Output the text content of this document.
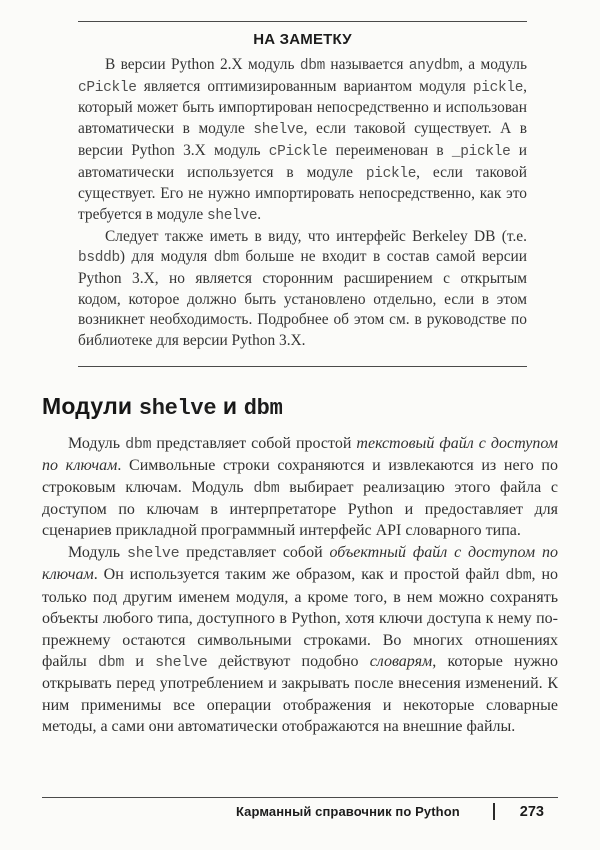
НА ЗАМЕТКУ

В версии Python 2.X модуль dbm называется anydbm, а модуль cPickle является оптимизированным вариантом модуля pickle, который может быть импортирован непосредственно и использован автоматически в модуле shelve, если таковой существует. А в версии Python 3.X модуль cPickle переименован в _pickle и автоматически используется в модуле pickle, если таковой существует. Его не нужно импортировать непосредственно, как это требуется в модуле shelve.

Следует также иметь в виду, что интерфейс Berkeley DB (т.е. bsddb) для модуля dbm больше не входит в состав самой версии Python 3.X, но является сторонним расширением с открытым кодом, которое должно быть установлено отдельно, если в этом возникнет необходимость. Подробнее об этом см. в руководстве по библиотеке для версии Python 3.X.

Модули shelve и dbm

Модуль dbm представляет собой простой текстовый файл с доступом по ключам. Символьные строки сохраняются и извлекаются из него по строковым ключам. Модуль dbm выбирает реализацию этого файла с доступом по ключам в интерпретаторе Python и предоставляет для сценариев прикладной программный интерфейс API словарного типа.

Модуль shelve представляет собой объектный файл с доступом по ключам. Он используется таким же образом, как и простой файл dbm, но только под другим именем модуля, а кроме того, в нем можно сохранять объекты любого типа, доступного в Python, хотя ключи доступа к нему по-прежнему остаются символьными строками. Во многих отношениях файлы dbm и shelve действуют подобно словарям, которые нужно открывать перед употреблением и закрывать после внесения изменений. К ним применимы все операции отображения и некоторые словарные методы, а сами они автоматически отображаются на внешние файлы.

Карманный справочник по Python	273
